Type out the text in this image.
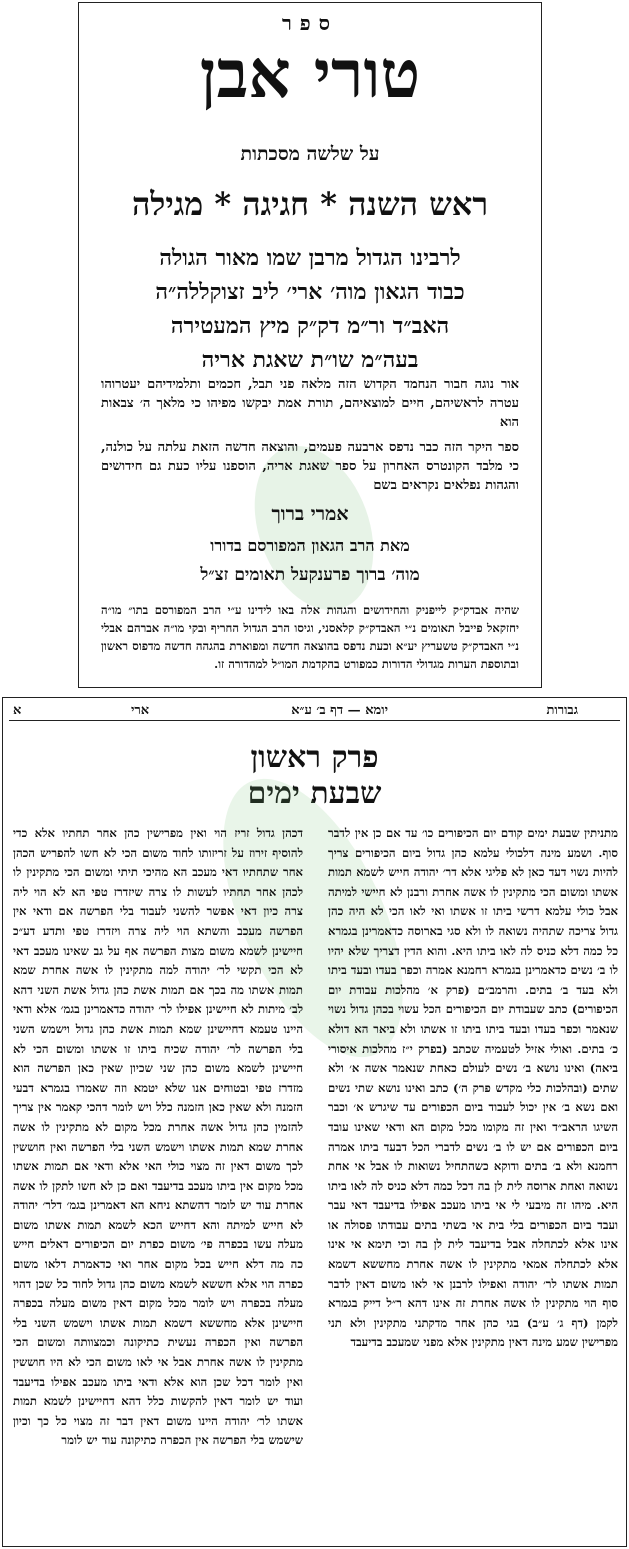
ספר
טורי אבן
על שלשה מסכתות
ראש השנה * חגיגה * מגילה
לרבינו הגדול מרבן שמו מאור הגולה
כבוד הגאון מוה׳ ארי׳ ליב זצוקללה״ה
האב״ד ור״מ דק״ק מיץ המעטירה
בעה״מ שו״ת שאגת אריה
אור נוגה חבור הנחמד הקדוש הזה מלאה פני תבל, חכמים ותלמידיהם יעטרוהו עטרה לראשיהם, חיים למוצאיהם, תורת אמת יבקשו מפיהו כי מלאך ה׳ צבאות הוא
ספר היקר הזה כבר נדפס ארבעה פעמים, והוצאה חדשה הזאת עלתה על כולנה, כי מלבד הקונטרס האחרון על ספר שאגת אריה, הוספנו עליו כעת גם חידושים והגהות נפלאים נקראים בשם
אמרי ברוך
מאת הרב הגאון המפורסם בדורו
מוה׳ ברוך פרענקעל תאומים זצ״ל
שהיה אבדק״ק לייפניק והחידושים והגהות אלה באו לידינו ע״י הרב המפורסם בתו״ מו״ה יחזקאל פייבל תאומים נ״י האבדק״ק קלאסני, וגיסו הרב הגדול החריף ובקי מו״ה אברהם אבלי נ״י האבדק״ק טשעריץ יע״א וכעת נדפס בהוצאה חדשה ומפוארת בהגהה חדשה מדפוס ראשון ובתוספת הערות מגדולי הדורות כמפורט בהקדמת המו״ל למהדורה זו.
גבורות
יומא — דף ב׳ ע״א
ארי
א
פרק ראשון
שבעת ימים

מתניתין שבעת ימים קודם יום הכיפורים כו׳ עד אם כן אין לדבר סוף. ושמע מינה דלכולי עלמא כהן גדול ביום הכיפורים צריך להיות נשוי דעד כאן לא פליגי אלא דר׳ יהודה חייש לשמא תמות אשתו ומשום הכי מתקינין לו אשה אחרת ורבנן לא חיישי למיתה אבל כולי עלמא דרשי ביתו זו אשתו ואי לאו הכי לא היה כהן גדול צריכה שתהיה נשואה לו ולא סגי בארוסה כדאמרינן בגמרא כל כמה דלא כניס לה לאו ביתו היא. והוא הדין דצריך שלא יהיו לו ב׳ נשים כדאמרינן בגמרא רחמנא אמרה וכפר בעדו ובעד ביתו ולא בעד ב׳ בתים. והרמב״ם (פרק א׳ מהלכות עבודת יום הכיפורים) כתב שעבודת יום הכיפורים הכל עשוי בכהן גדול נשוי שנאמר וכפר בעדו ובעד ביתו ביתו זו אשתו ולא ביאר הא דולא כ׳ בתים. ואולי אזיל לטעמיה שכתב (בפרק י״ז מהלכות איסורי ביאה) ואינו נושא ב׳ נשים לעולם כאחת שנאמר אשה א׳ ולא שתים (ובהלכות כלי מקדש פרק ה׳) כתב ואינו נושא שתי נשים ואם נשא ב׳ אין יכול לעבוד ביום הכפורים עד שיגרש א׳ וכבר השיגו הראב״ד ואין זה מקומו מכל מקום הא ודאי שאינו עובד ביום הכפורים אם יש לו ב׳ נשים לדברי הכל דבעד ביתו אמרה רחמנא ולא ב׳ בתים ודוקא כשהתחיל נשואות לו אבל אי אחת נשואה ואחת ארוסה לית לן בה דכל כמה דלא כניס לה לאו ביתו היא. מיהו זה מיבעי לי אי ביתו מעכב אפילו בדיעבד דאי עבר ועבד ביום הכפורים בלי בית אי בשתי בתים עבודתו פסולה או אינו אלא לכתחלה אבל בדיעבד לית לן בה וכי תימא אי אינו אלא לכתחלה אמאי מתקינין לו אשה אחרת מחששא דשמא תמות אשתו לר׳ יהודה ואפילו לרבנן אי לאו משום דאין לדבר סוף הוי מתקינין לו אשה אחרת זה אינו דהא ר״ל דייק בגמרא לקמן (דף ג׳ ע״ב) בגי כהן אחר מדקתני מתקינין ולא תני מפרישין שמע מינה דאין מתקינין אלא מפני שמעכב בדיעבד

דכהן גדול זריז הוי ואין מפרישין כהן אחר תחתיו אלא כדי להוסיף זירוז על זריזותו לחוד משום הכי לא חשו להפריש הכהן אחר שתחתיו דאי מעכב הא מהיכי תיתי ומשום הכי מתקינין לו לכהן אחר תחתיו לעשות לו צרה שיזדרז טפי הא לא הוי ליה צרה כיון דאי אפשר להשני לעבוד בלי הפרשה אם ודאי אין הפרשה מעכב והשתא הוי ליה צרה ויזדרז טפי ותדע דע״כ חיישינן לשמא משום מצות הפרשה אף על גב שאינו מעכב דאי לא הכי תקשי לר׳ יהודה למה מתקינין לו אשה אחרת שמא תמות אשתו מה בכך אם תמות אשת כהן גדול אשת השני דהא לב׳ מיתות לא חיישינן אפילו לר׳ יהודה כדאמרינן בגמ׳ אלא ודאי היינו טעמא דחיישינן שמא תמות אשת כהן גדול וישמש השני בלי הפרשה לר׳ יהודה שכיח ביתו זו אשתו ומשום הכי לא חיישינן לשמא משום כהן שני שכיון שאין כאן הפרשה הוא מזדרז טפי ובטוחים אנו שלא יטמא וזה שאמרו בגמרא דבעי הזמנה ולא שאין כאן הזמנה כלל ויש לומר דהכי קאמר אין צריך להזמין כהן גדול אשה אחרת מכל מקום לא מתקינין לו אשה אחרת שמא תמות אשתו וישמש השני בלי הפרשה ואין חוששין לכך משום דאין זה מצוי כולי האי אלא ודאי אם תמות אשתו מכל מקום אין ביתו מעכב בדיעבד ואם כן לא חשו לתקן לו אשה אחרת עוד יש לומר דהשתא ניחא הא דאמרינן בגמ׳ דלר׳ יהודה לא חייש למיתה והא דחייש הכא לשמא תמות אשתו משום מעלה עשו בכפרה פי׳ משום כפרת יום הכיפורים דאלים חייש כה מה דלא חייש בכל מקום אחר ואי כדאמרת דלאו משום כפרה הוי אלא חששא לשמא משום כהן גדול לחוד כל שכן דהוי מעלה בכפרה ויש לומר מכל מקום דאין משום מעלה בכפרה חיישינן אלא מחששא דשמא תמות אשתו וישמש השני בלי הפרשה ואין הכפרה נעשית כתיקונה וכמצוותה ומשום הכי מתקינין לו אשה אחרת אבל אי לאו משום הכי לא היו חוששין ואין לומר דכל שכן הוא אלא ודאי ביתו מעכב אפילו בדיעבד ועוד יש לומר דאין להקשות כלל דהא דחיישינן לשמא תמות אשתו לר׳ יהודה היינו משום דאין דבר זה מצוי כל כך וכיון שישמש בלי הפרשה אין הכפרה כתיקונה עוד יש לומר
